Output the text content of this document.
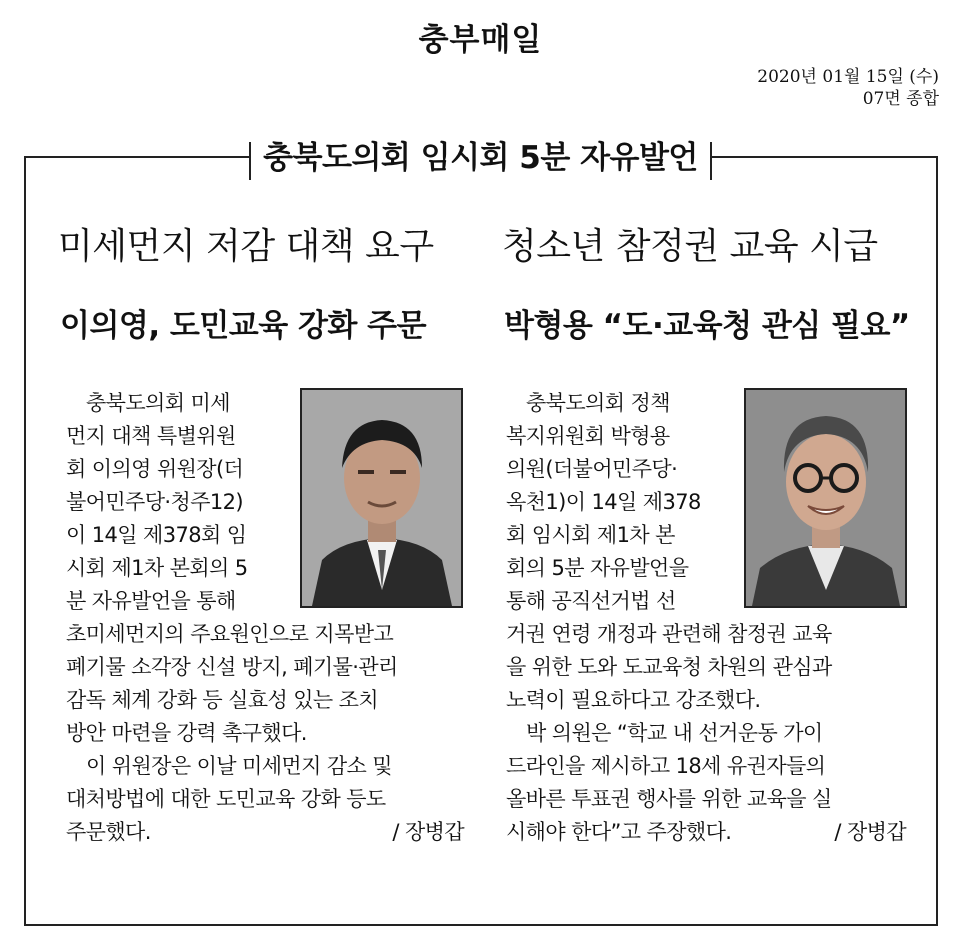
충부매일
2020년 01월 15일 (수)
07면 종합
충북도의회 임시회 5분 자유발언
미세먼지 저감 대책 요구
이의영, 도민교육 강화 주문
충북도의회 미세
먼지 대책 특별위원
회 이의영 위원장(더
불어민주당·청주12)
이 14일 제378회 임
시회 제1차 본회의 5
분 자유발언을 통해
초미세먼지의 주요원인으로 지목받고
폐기물 소각장 신설 방지, 폐기물·관리
감독 체계 강화 등 실효성 있는 조치
방안 마련을 강력 촉구했다.
이 위원장은 이날 미세먼지 감소 및
대처방법에 대한 도민교육 강화 등도
주문했다.	/ 장병갑
청소년 참정권 교육 시급
박형용 “도·교육청 관심 필요”
충북도의회 정책
복지위원회 박형용
의원(더불어민주당·
옥천1)이 14일 제378
회 임시회 제1차 본
회의 5분 자유발언을
통해 공직선거법 선
거권 연령 개정과 관련해 참정권 교육
을 위한 도와 도교육청 차원의 관심과
노력이 필요하다고 강조했다.
박 의원은 “학교 내 선거운동 가이
드라인을 제시하고 18세 유권자들의
올바른 투표권 행사를 위한 교육을 실
시해야 한다”고 주장했다.	/ 장병갑
